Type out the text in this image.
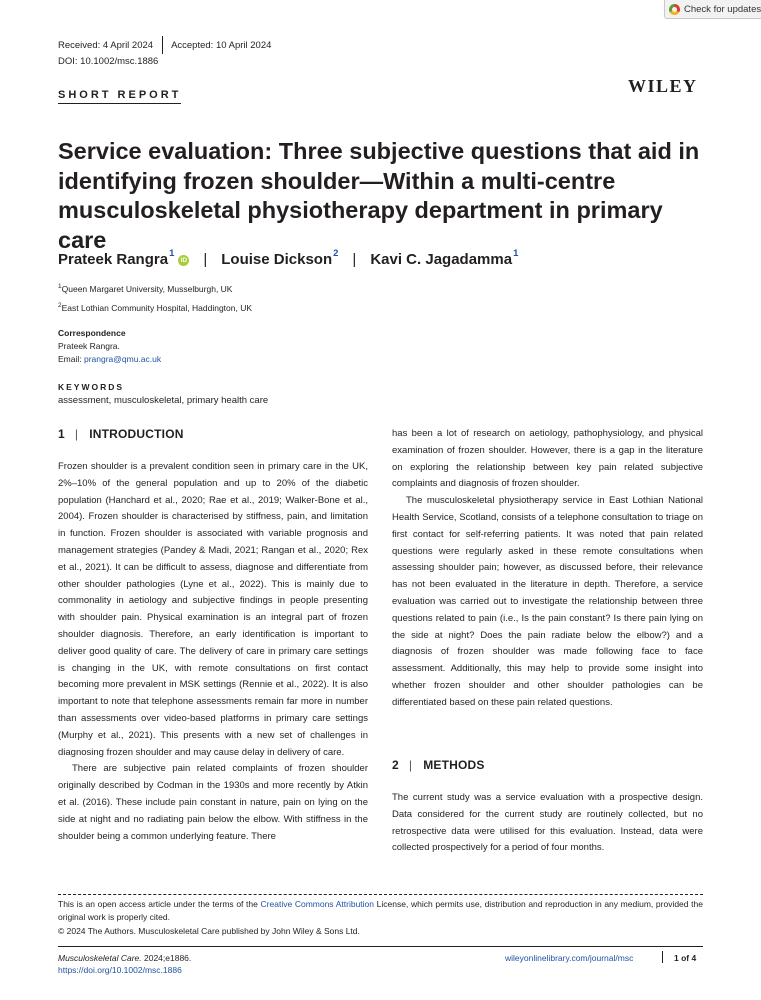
Check for updates
Received: 4 April 2024 Accepted: 10 April 2024
DOI: 10.1002/msc.1886
SHORT REPORT	WILEY
Service evaluation: Three subjective questions that aid in identifying frozen shoulder—Within a multi-centre musculoskeletal physiotherapy department in primary care
Prateek Rangra$^1$
iD | Louise Dickson$^2$ | Kavi C. Jagadamma$^1$
$^1$Queen Margaret University, Musselburgh, UK
$^2$East Lothian Community Hospital, Haddington, UK
Correspondence
Prateek Rangra.
Email: prangra@qmu.ac.uk
KEYWORDS
assessment, musculoskeletal, primary health care
1 | INTRODUCTION

Frozen shoulder is a prevalent condition seen in primary care in the UK, 2%–10% of the general population and up to 20% of the diabetic population (Hanchard et al., 2020; Rae et al., 2019; Walker-Bone et al., 2004). Frozen shoulder is characterised by stiffness, pain, and limitation in function. Frozen shoulder is associated with variable prognosis and management strategies (Pandey & Madi, 2021; Rangan et al., 2020; Rex et al., 2021). It can be difficult to assess, diagnose and differentiate from other shoulder pathologies (Lyne et al., 2022). This is mainly due to commonality in aetiology and subjective findings in people presenting with shoulder pain. Physical examination is an integral part of frozen shoulder diagnosis. Therefore, an early identification is important to deliver good quality of care. The delivery of care in primary care settings is changing in the UK, with remote consultations on first contact becoming more prevalent in MSK settings (Rennie et al., 2022). It is also important to note that telephone assessments remain far more in number than assessments over video-based platforms in primary care settings (Murphy et al., 2021). This presents with a new set of challenges in diagnosing frozen shoulder and may cause delay in delivery of care.

There are subjective pain related complaints of frozen shoulder originally described by Codman in the 1930s and more recently by Atkin et al. (2016). These include pain constant in nature, pain on lying on the side at night and no radiating pain below the elbow. With stiffness in the shoulder being a common underlying feature. There

has been a lot of research on aetiology, pathophysiology, and physical examination of frozen shoulder. However, there is a gap in the literature on exploring the relationship between key pain related subjective complaints and diagnosis of frozen shoulder.

The musculoskeletal physiotherapy service in East Lothian National Health Service, Scotland, consists of a telephone consultation to triage on first contact for self-referring patients. It was noted that pain related questions were regularly asked in these remote consultations when assessing shoulder pain; however, as discussed before, their relevance has not been evaluated in the literature in depth. Therefore, a service evaluation was carried out to investigate the relationship between three questions related to pain (i.e., Is the pain constant? Is there pain lying on the side at night? Does the pain radiate below the elbow?) and a diagnosis of frozen shoulder was made following face to face assessment. Additionally, this may help to provide some insight into whether frozen shoulder and other shoulder pathologies can be differentiated based on these pain related questions.

2 | METHODS

The current study was a service evaluation with a prospective design. Data considered for the current study are routinely collected, but no retrospective data were utilised for this evaluation. Instead, data were collected prospectively for a period of four months.

This is an open access article under the terms of the Creative Commons Attribution License, which permits use, distribution and reproduction in any medium, provided the original work is properly cited.
© 2024 The Authors. Musculoskeletal Care published by John Wiley & Sons Ltd.
Musculoskeletal Care. 2024;e1886.
https://doi.org/10.1002/msc.1886
wileyonlinelibrary.com/journal/msc	1 of 4
